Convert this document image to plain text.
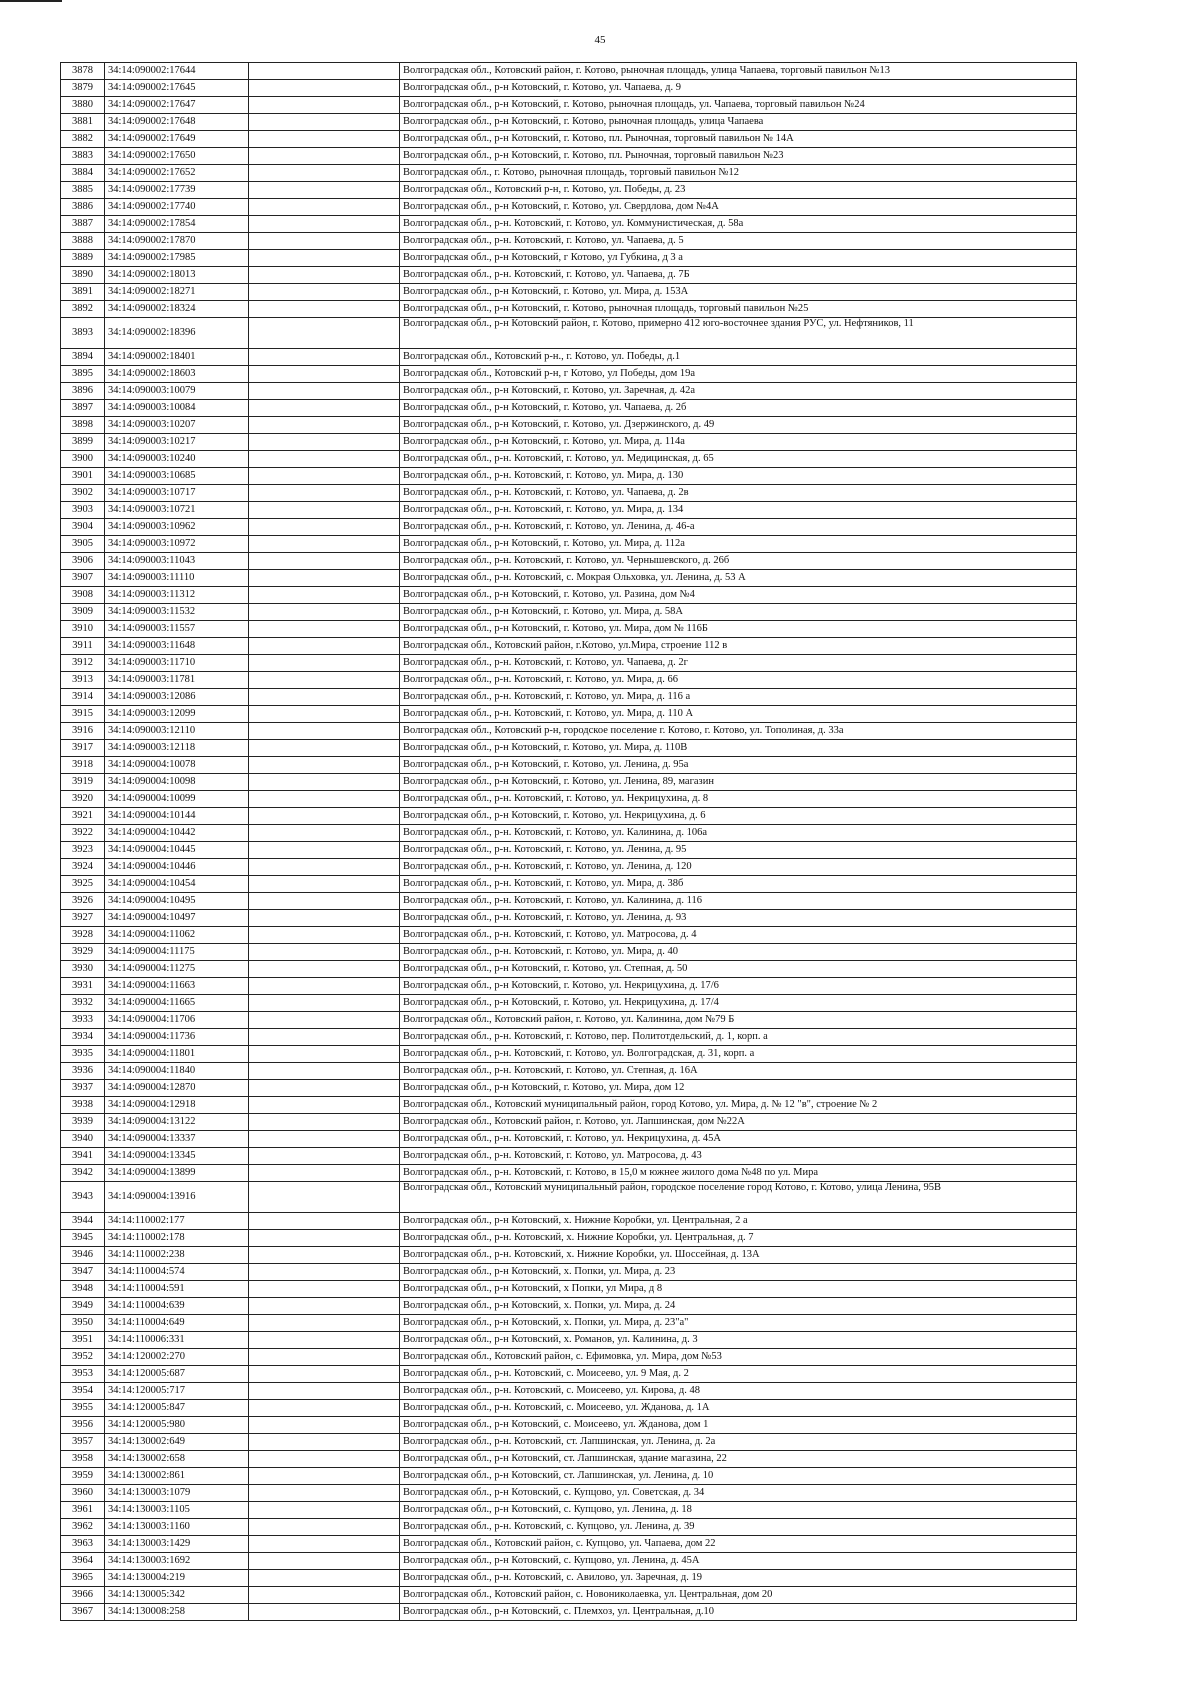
45
3878	34:14:090002:17644		Волгоградская обл., Котовский район, г. Котово, рыночная площадь, улица Чапаева, торговый павильон №13
3879	34:14:090002:17645		Волгоградская обл., р-н Котовский, г. Котово, ул. Чапаева, д. 9
3880	34:14:090002:17647		Волгоградская обл., р-н Котовский, г. Котово, рыночная площадь, ул. Чапаева, торговый павильон №24
3881	34:14:090002:17648		Волгоградская обл., р-н Котовский, г. Котово, рыночная площадь, улица Чапаева
3882	34:14:090002:17649		Волгоградская обл., р-н Котовский, г. Котово, пл. Рыночная, торговый павильон № 14А
3883	34:14:090002:17650		Волгоградская обл., р-н Котовский, г. Котово, пл. Рыночная, торговый павильон №23
3884	34:14:090002:17652		Волгоградская обл., г. Котово, рыночная площадь, торговый павильон №12
3885	34:14:090002:17739		Волгоградская обл., Котовский р-н, г. Котово, ул. Победы, д. 23
3886	34:14:090002:17740		Волгоградская обл., р-н Котовский, г. Котово, ул. Свердлова, дом №4А
3887	34:14:090002:17854		Волгоградская обл., р-н. Котовский, г. Котово, ул. Коммунистическая, д. 58а
3888	34:14:090002:17870		Волгоградская обл., р-н. Котовский, г. Котово, ул. Чапаева, д. 5
3889	34:14:090002:17985		Волгоградская обл., р-н Котовский, г Котово, ул Губкина, д 3 а
3890	34:14:090002:18013		Волгоградская обл., р-н. Котовский, г. Котово, ул. Чапаева, д. 7Б
3891	34:14:090002:18271		Волгоградская обл., р-н Котовский, г. Котово, ул. Мира, д. 153А
3892	34:14:090002:18324		Волгоградская обл., р-н Котовский, г. Котово, рыночная площадь, торговый павильон №25
3893	34:14:090002:18396		Волгоградская обл., р-н Котовский район, г. Котово, примерно 412 юго-восточнее здания РУС, ул. Нефтяников, 11
3894	34:14:090002:18401		Волгоградская обл., Котовский р-н., г. Котово, ул. Победы, д.1
3895	34:14:090002:18603		Волгоградская обл., Котовский р-н, г Котово, ул Победы, дом 19а
3896	34:14:090003:10079		Волгоградская обл., р-н Котовский, г. Котово, ул. Заречная, д. 42а
3897	34:14:090003:10084		Волгоградская обл., р-н Котовский, г. Котово, ул. Чапаева, д. 2б
3898	34:14:090003:10207		Волгоградская обл., р-н Котовский, г. Котово, ул. Дзержинского, д. 49
3899	34:14:090003:10217		Волгоградская обл., р-н Котовский, г. Котово, ул. Мира, д. 114а
3900	34:14:090003:10240		Волгоградская обл., р-н. Котовский, г. Котово, ул. Медицинская, д. 65
3901	34:14:090003:10685		Волгоградская обл., р-н. Котовский, г. Котово, ул. Мира, д. 130
3902	34:14:090003:10717		Волгоградская обл., р-н. Котовский, г. Котово, ул. Чапаева, д. 2в
3903	34:14:090003:10721		Волгоградская обл., р-н. Котовский, г. Котово, ул. Мира, д. 134
3904	34:14:090003:10962		Волгоградская обл., р-н. Котовский, г. Котово, ул. Ленина, д. 46-а
3905	34:14:090003:10972		Волгоградская обл., р-н Котовский, г. Котово, ул. Мира, д. 112а
3906	34:14:090003:11043		Волгоградская обл., р-н. Котовский, г. Котово, ул. Чернышевского, д. 26б
3907	34:14:090003:11110		Волгоградская обл., р-н. Котовский, с. Мокрая Ольховка, ул. Ленина, д. 53 А
3908	34:14:090003:11312		Волгоградская обл., р-н Котовский, г. Котово, ул. Разина, дом №4
3909	34:14:090003:11532		Волгоградская обл., р-н Котовский, г. Котово, ул. Мира, д. 58А
3910	34:14:090003:11557		Волгоградская обл., р-н Котовский, г. Котово, ул. Мира, дом № 116Б
3911	34:14:090003:11648		Волгоградская обл., Котовский район, г.Котово, ул.Мира, строение 112 в
3912	34:14:090003:11710		Волгоградская обл., р-н. Котовский, г. Котово, ул. Чапаева, д. 2г
3913	34:14:090003:11781		Волгоградская обл., р-н. Котовский, г. Котово, ул. Мира, д. 66
3914	34:14:090003:12086		Волгоградская обл., р-н. Котовский, г. Котово, ул. Мира, д. 116 а
3915	34:14:090003:12099		Волгоградская обл., р-н. Котовский, г. Котово, ул. Мира, д. 110 А
3916	34:14:090003:12110		Волгоградская обл., Котовский р-н, городское поселение г. Котово, г. Котово, ул. Тополиная, д. 33а
3917	34:14:090003:12118		Волгоградская обл., р-н Котовский, г. Котово, ул. Мира, д. 110В
3918	34:14:090004:10078		Волгоградская обл., р-н Котовский, г. Котово, ул. Ленина, д. 95а
3919	34:14:090004:10098		Волгоградская обл., р-н Котовский, г. Котово, ул. Ленина, 89, магазин
3920	34:14:090004:10099		Волгоградская обл., р-н. Котовский, г. Котово, ул. Некрицухина, д. 8
3921	34:14:090004:10144		Волгоградская обл., р-н Котовский, г. Котово, ул. Некрицухина, д. 6
3922	34:14:090004:10442		Волгоградская обл., р-н. Котовский, г. Котово, ул. Калинина, д. 106а
3923	34:14:090004:10445		Волгоградская обл., р-н. Котовский, г. Котово, ул. Ленина, д. 95
3924	34:14:090004:10446		Волгоградская обл., р-н. Котовский, г. Котово, ул. Ленина, д. 120
3925	34:14:090004:10454		Волгоградская обл., р-н. Котовский, г. Котово, ул. Мира, д. 38б
3926	34:14:090004:10495		Волгоградская обл., р-н. Котовский, г. Котово, ул. Калинина, д. 116
3927	34:14:090004:10497		Волгоградская обл., р-н. Котовский, г. Котово, ул. Ленина, д. 93
3928	34:14:090004:11062		Волгоградская обл., р-н. Котовский, г. Котово, ул. Матросова, д. 4
3929	34:14:090004:11175		Волгоградская обл., р-н. Котовский, г. Котово, ул. Мира, д. 40
3930	34:14:090004:11275		Волгоградская обл., р-н Котовский, г. Котово, ул. Степная, д. 50
3931	34:14:090004:11663		Волгоградская обл., р-н Котовский, г. Котово, ул. Некрицухина, д. 17/6
3932	34:14:090004:11665		Волгоградская обл., р-н Котовский, г. Котово, ул. Некрицухина, д. 17/4
3933	34:14:090004:11706		Волгоградская обл., Котовский район, г. Котово, ул. Калинина, дом №79 Б
3934	34:14:090004:11736		Волгоградская обл., р-н. Котовский, г. Котово, пер. Политотдельский, д. 1, корп. а
3935	34:14:090004:11801		Волгоградская обл., р-н. Котовский, г. Котово, ул. Волгоградская, д. 31, корп. а
3936	34:14:090004:11840		Волгоградская обл., р-н. Котовский, г. Котово, ул. Степная, д. 16А
3937	34:14:090004:12870		Волгоградская обл., р-н Котовский, г. Котово, ул. Мира, дом 12
3938	34:14:090004:12918		Волгоградская обл., Котовский муниципальный район, город Котово, ул. Мира, д. № 12 "в", строение № 2
3939	34:14:090004:13122		Волгоградская обл., Котовский район, г. Котово, ул. Лапшинская, дом №22А
3940	34:14:090004:13337		Волгоградская обл., р-н. Котовский, г. Котово, ул. Некрицухина, д. 45А
3941	34:14:090004:13345		Волгоградская обл., р-н. Котовский, г. Котово, ул. Матросова, д. 43
3942	34:14:090004:13899		Волгоградская обл., р-н. Котовский, г. Котово, в 15,0 м южнее жилого дома №48 по ул. Мира
3943	34:14:090004:13916		Волгоградская обл., Котовский муниципальный район, городское поселение город Котово, г. Котово, улица Ленина, 95В
3944	34:14:110002:177		Волгоградская обл., р-н Котовский, х. Нижние Коробки, ул. Центральная, 2 а
3945	34:14:110002:178		Волгоградская обл., р-н. Котовский, х. Нижние Коробки, ул. Центральная, д. 7
3946	34:14:110002:238		Волгоградская обл., р-н. Котовский, х. Нижние Коробки, ул. Шоссейная, д. 13А
3947	34:14:110004:574		Волгоградская обл., р-н Котовский, х. Попки, ул. Мира, д. 23
3948	34:14:110004:591		Волгоградская обл., р-н Котовский, х Попки, ул Мира, д 8
3949	34:14:110004:639		Волгоградская обл., р-н Котовский, х. Попки, ул. Мира, д. 24
3950	34:14:110004:649		Волгоградская обл., р-н Котовский, х. Попки, ул. Мира, д. 23"а"
3951	34:14:110006:331		Волгоградская обл., р-н Котовский, х. Романов, ул. Калинина, д. 3
3952	34:14:120002:270		Волгоградская обл., Котовский район, с. Ефимовка, ул. Мира, дом №53
3953	34:14:120005:687		Волгоградская обл., р-н. Котовский, с. Моисеево, ул. 9 Мая, д. 2
3954	34:14:120005:717		Волгоградская обл., р-н. Котовский, с. Моисеево, ул. Кирова, д. 48
3955	34:14:120005:847		Волгоградская обл., р-н. Котовский, с. Моисеево, ул. Жданова, д. 1А
3956	34:14:120005:980		Волгоградская обл., р-н Котовский, с. Моисеево, ул. Жданова, дом 1
3957	34:14:130002:649		Волгоградская обл., р-н. Котовский, ст. Лапшинская, ул. Ленина, д. 2а
3958	34:14:130002:658		Волгоградская обл., р-н Котовский, ст. Лапшинская, здание магазина, 22
3959	34:14:130002:861		Волгоградская обл., р-н Котовский, ст. Лапшинская, ул. Ленина, д. 10
3960	34:14:130003:1079		Волгоградская обл., р-н Котовский, с. Купцово, ул. Советская, д. 34
3961	34:14:130003:1105		Волгоградская обл., р-н Котовский, с. Купцово, ул. Ленина, д. 18
3962	34:14:130003:1160		Волгоградская обл., р-н. Котовский, с. Купцово, ул. Ленина, д. 39
3963	34:14:130003:1429		Волгоградская обл., Котовский район, с. Купцово, ул. Чапаева, дом 22
3964	34:14:130003:1692		Волгоградская обл., р-н Котовский, с. Купцово, ул. Ленина, д. 45А
3965	34:14:130004:219		Волгоградская обл., р-н. Котовский, с. Авилово, ул. Заречная, д. 19
3966	34:14:130005:342		Волгоградская обл., Котовский район, с. Новониколаевка, ул. Центральная, дом 20
3967	34:14:130008:258		Волгоградская обл., р-н Котовский, с. Племхоз, ул. Центральная, д.10
